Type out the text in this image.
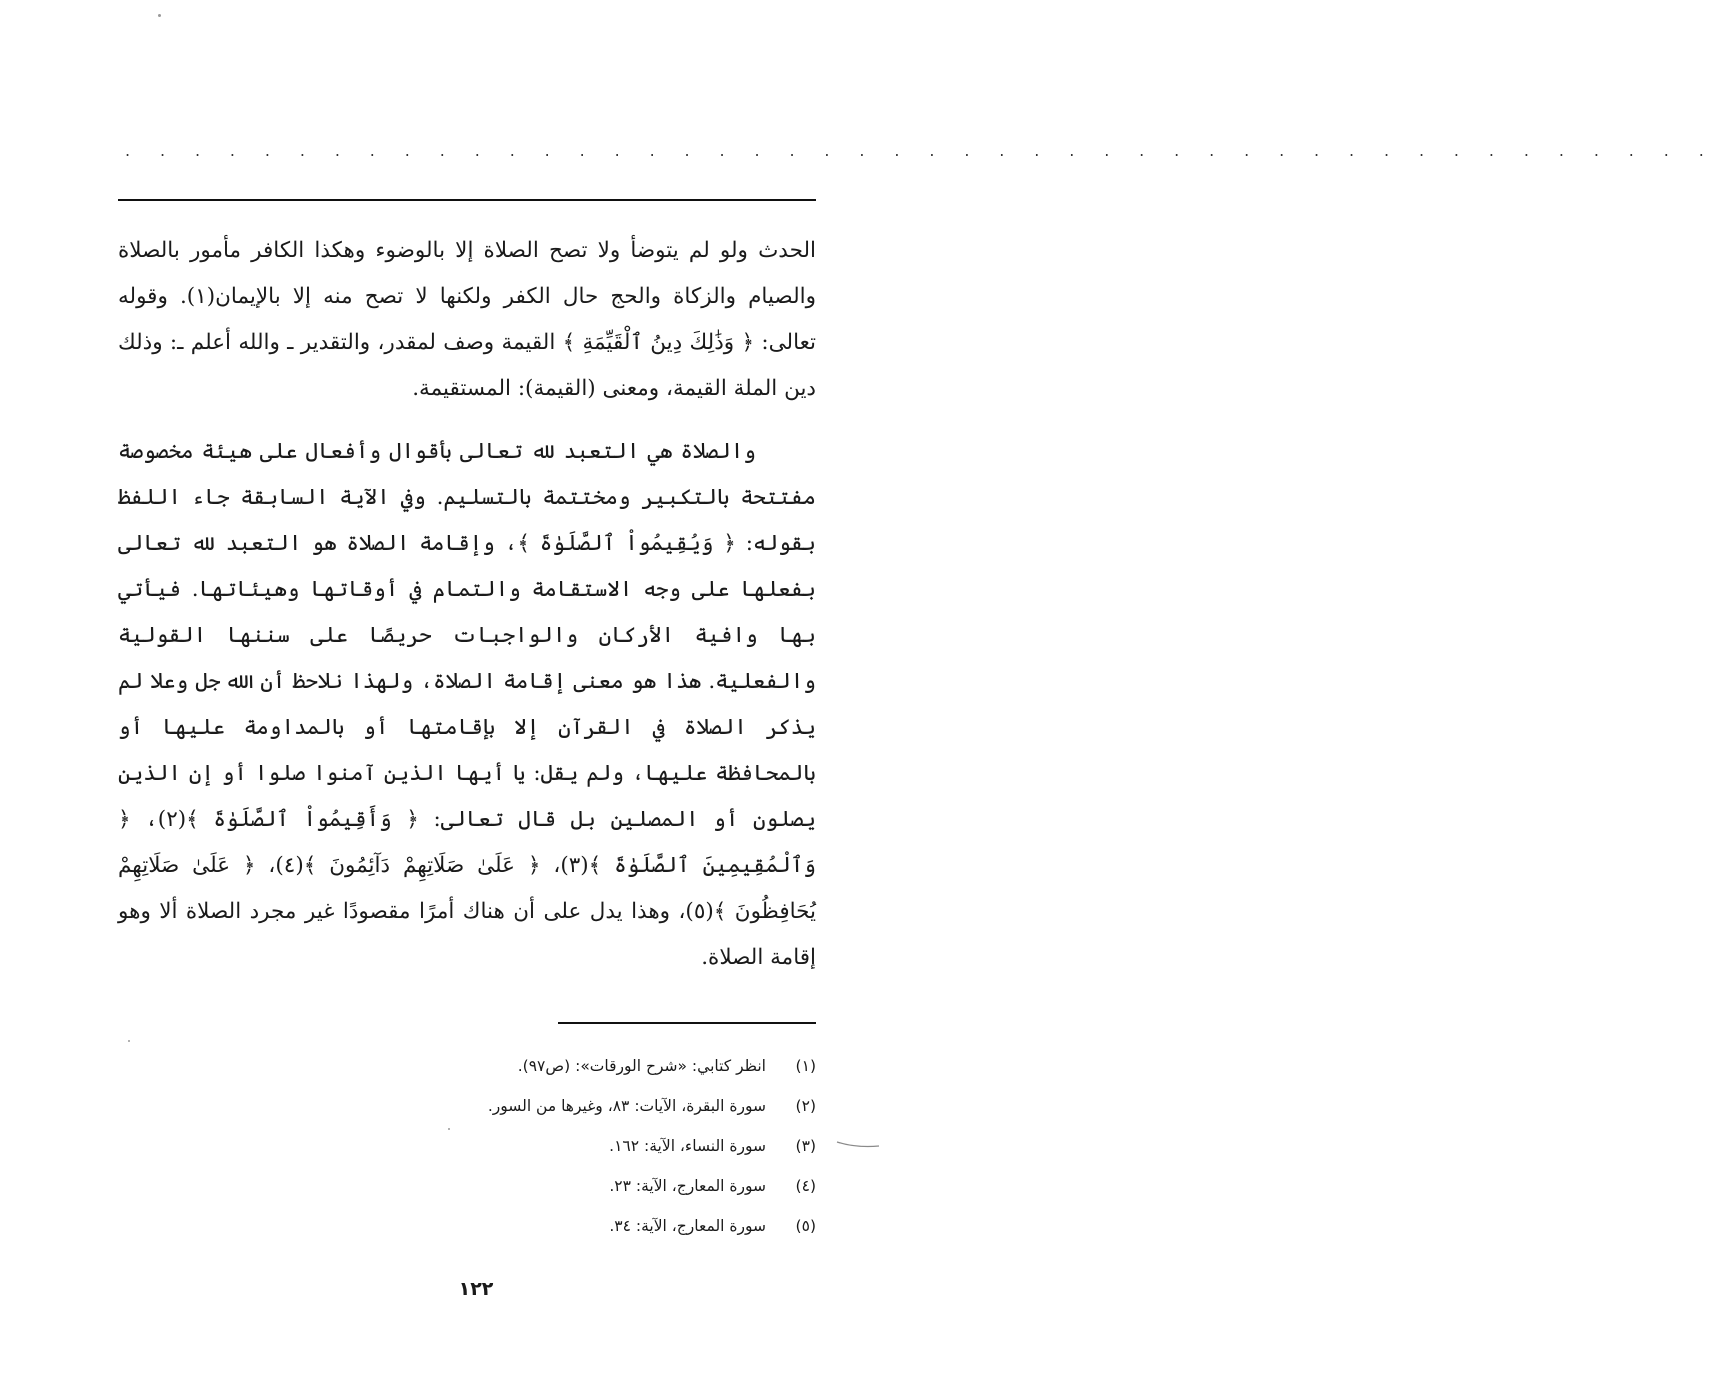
. . . . . . . . . . . . . . . . . . . . . . . . . . . . . . . . . . . . . . . . . . . . . .

الحدث ولو لم يتوضأ ولا تصح الصلاة إلا بالوضوء وهكذا الكافر مأمور بالصلاة والصيام والزكاة والحج حال الكفر ولكنها لا تصح منه إلا بالإيمان(١). وقوله تعالى: ﴿ وَذَٰلِكَ دِينُ ٱلْقَيِّمَةِ ﴾ القيمة وصف لمقدر، والتقدير ـ والله أعلم ـ: وذلك دين الملة القيمة، ومعنى (القيمة): المستقيمة.

والصلاة هي التعبد لله تعالى بأقوال وأفعال على هيئة مخصوصة مفتتحة بالتكبير ومختتمة بالتسليم. وفي الآية السابقة جاء اللفظ بقوله: ﴿ وَيُقِيمُواْ ٱلصَّلَوٰةَ ﴾، وإقامة الصلاة هو التعبد لله تعالى بفعلها على وجه الاستقامة والتمام في أوقاتها وهيئاتها. فيأتي بها وافية الأركان والواجبات حريصًا على سننها القولية والفعلية. هذا هو معنى إقامة الصلاة، ولهذا نلاحظ أن الله جل وعلا لم يذكر الصلاة في القرآن إلا بإقامتها أو بالمداومة عليها أو بالمحافظة عليها، ولم يقل: يا أيها الذين آمنوا صلوا أو إن الذين يصلون أو المصلين بل قال تعالى: ﴿ وَأَقِيمُواْ ٱلصَّلَوٰةَ ﴾(٢)، ﴿ وَٱلْمُقِيمِينَ ٱلصَّلَوٰةَ ﴾(٣)، ﴿ عَلَىٰ صَلَاتِهِمْ دَآئِمُونَ ﴾(٤)، ﴿ عَلَىٰ صَلَاتِهِمْ يُحَافِظُونَ ﴾(٥)، وهذا يدل على أن هناك أمرًا مقصودًا غير مجرد الصلاة ألا وهو إقامة الصلاة.

(١)
انظر كتابي: «شرح الورقات»: (ص٩٧).
(٢)
سورة البقرة، الآيات: ٨٣، وغيرها من السور.
(٣)
سورة النساء، الآية: ١٦٢.
(٤)
سورة المعارج، الآية: ٢٣.
(٥)
سورة المعارج، الآية: ٣٤.
١٢٢
